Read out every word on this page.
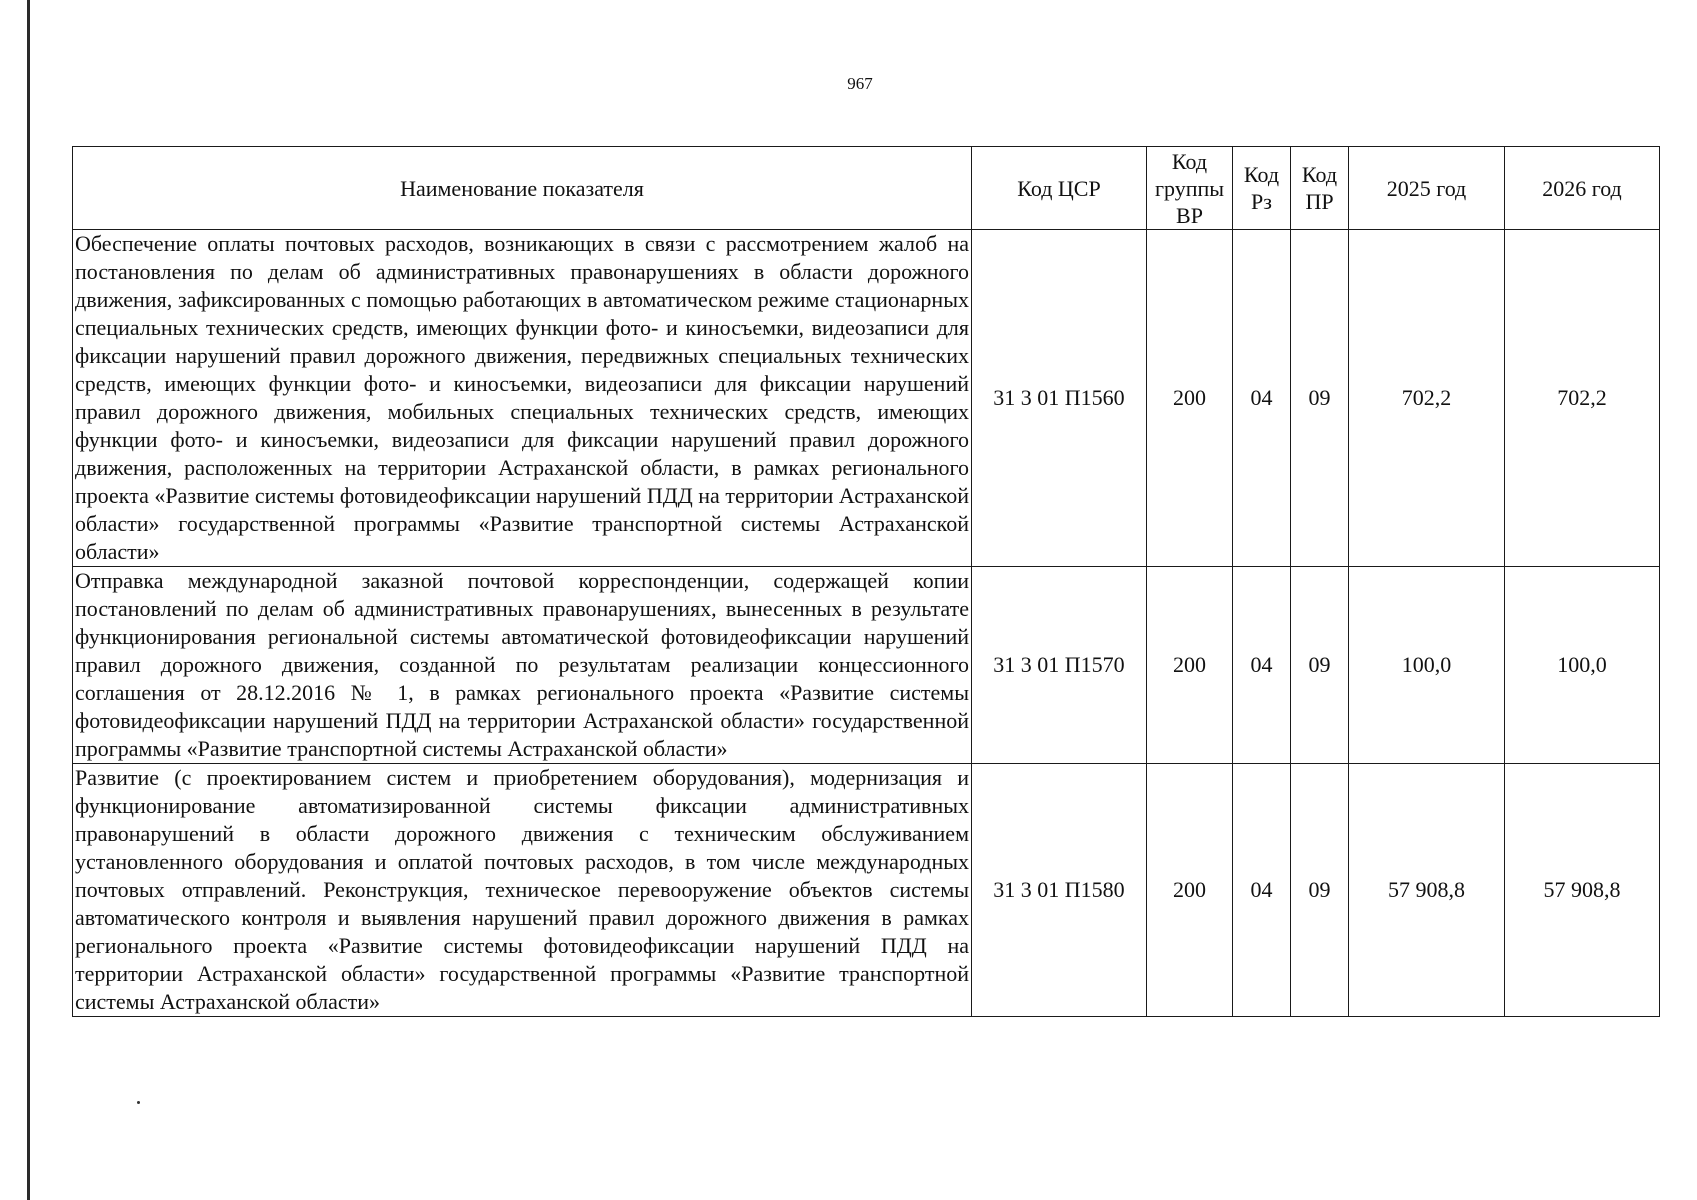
967
Наименование показателя	Код ЦСР	Код группы ВР	Код Рз	Код ПР	2025 год	2026 год
Обеспечение оплаты почтовых расходов, возникающих в связи с рассмотрением жалоб на постановления по делам об административных правонарушениях в области дорожного движения, зафиксированных с помощью работающих в автоматическом режиме стационарных специальных технических средств, имеющих функции фото- и киносъемки, видеозаписи для фиксации нарушений правил дорожного движения, передвижных специальных технических средств, имеющих функции фото- и киносъемки, видеозаписи для фиксации нарушений правил дорожного движения, мобильных специальных технических средств, имеющих функции фото- и киносъемки, видеозаписи для фиксации нарушений правил дорожного движения, расположенных на территории Астраханской области, в рамках регионального проекта «Развитие системы фотовидеофиксации нарушений ПДД на территории Астраханской области» государственной программы «Развитие транспортной системы Астраханской области»	31 3 01 П1560	200	04	09	702,2	702,2
Отправка международной заказной почтовой корреспонденции, содержащей копии постановлений по делам об административных правонарушениях, вынесенных в результате функционирования региональной системы автоматической фотовидеофиксации нарушений правил дорожного движения, созданной по результатам реализации концессионного соглашения от 28.12.2016 № 1, в рамках регионального проекта «Развитие системы фотовидеофиксации нарушений ПДД на территории Астраханской области» государственной программы «Развитие транспортной системы Астраханской области»	31 3 01 П1570	200	04	09	100,0	100,0
Развитие (с проектированием систем и приобретением оборудования), модернизация и функционирование автоматизированной системы фиксации административных правонарушений в области дорожного движения с техническим обслуживанием установленного оборудования и оплатой почтовых расходов, в том числе международных почтовых отправлений. Реконструкция, техническое перевооружение объектов системы автоматического контроля и выявления нарушений правил дорожного движения в рамках регионального проекта «Развитие системы фотовидеофиксации нарушений ПДД на территории Астраханской области» государственной программы «Развитие транспортной системы Астраханской области»	31 3 01 П1580	200	04	09	57 908,8	57 908,8
